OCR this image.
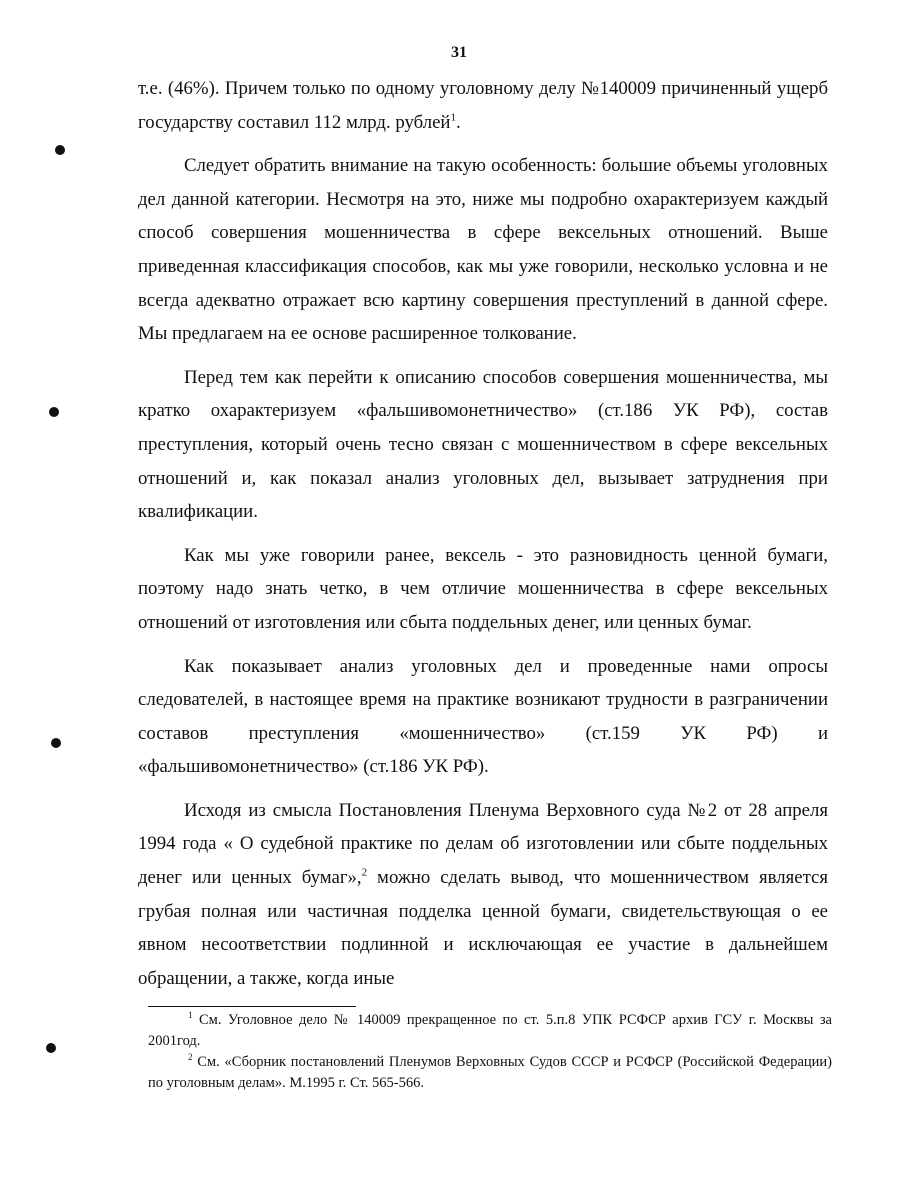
31

т.е. (46%). Причем только по одному уголовному делу №140009 причиненный ущерб государству составил 112 млрд. рублей$^1$.

Следует обратить внимание на такую особенность: большие объемы уголовных дел данной категории. Несмотря на это, ниже мы подробно охарактеризуем каждый способ совершения мошенничества в сфере вексельных отношений. Выше приведенная классификация способов, как мы уже говорили, несколько условна и не всегда адекватно отражает всю картину совершения преступлений в данной сфере. Мы предлагаем на ее основе расширенное толкование.

Перед тем как перейти к описанию способов совершения мошенничества, мы кратко охарактеризуем «фальшивомонетничество» (ст.186 УК РФ), состав преступления, который очень тесно связан с мошенничеством в сфере вексельных отношений и, как показал анализ уголовных дел, вызывает затруднения при квалификации.

Как мы уже говорили ранее, вексель - это разновидность ценной бумаги, поэтому надо знать четко, в чем отличие мошенничества в сфере вексельных отношений от изготовления или сбыта поддельных денег, или ценных бумаг.

Как показывает анализ уголовных дел и проведенные нами опросы следователей, в настоящее время на практике возникают трудности в разграничении составов преступления «мошенничество» (ст.159 УК РФ) и «фальшивомонетничество» (ст.186 УК РФ).

Исходя из смысла Постановления Пленума Верховного суда №2 от 28 апреля 1994 года « О судебной практике по делам об изготовлении или сбыте поддельных денег или ценных бумаг»,$^2$ можно сделать вывод, что мошенничеством является грубая полная или частичная подделка ценной бумаги, свидетельствующая о ее явном несоответствии подлинной и исключающая ее участие в дальнейшем обращении, а также, когда иные

$^1$ См. Уголовное дело № 140009 прекращенное по ст. 5.п.8 УПК РСФСР архив ГСУ г. Москвы за 2001год.

$^2$ См. «Сборник постановлений Пленумов Верховных Судов СССР и РСФСР (Российской Федерации) по уголовным делам». М.1995 г. Ст. 565-566.
